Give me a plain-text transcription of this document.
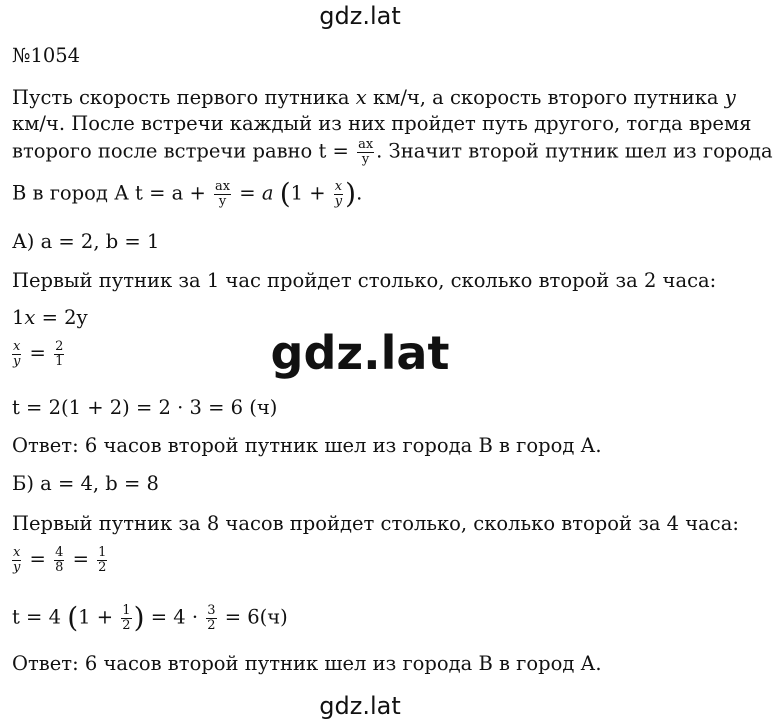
gdz.lat
№1054
Пусть скорость первого путника x км/ч, а скорость второго путника y
км/ч. После встречи каждый из них пройдет путь другого, тогда время
второго после встречи равно $t = \frac{ax}{y}$ . Значит второй путник шел из города
В в город А $t = a + \frac{ax}{y} = a$ ($1 + \frac{x}{y}$ ).
А) a = 2, b = 1
Первый путник за 1 час пройдет столько, сколько второй за 2 часа:
1x = 2y
$\frac{x}{y} = \frac{2}{1}$	gdz.lat
t = 2(1 + 2) = 2 · 3 = 6 (ч)
Ответ: 6 часов второй путник шел из города В в город А.
Б) a = 4, b = 8
Первый путник за 8 часов пройдет столько, сколько второй за 4 часа:
$\frac{x}{y} = \frac{4}{8} = \frac{1}{2}$
t = 4 ($1 + \frac{1}{2}$ ) = $4 \cdot \frac{3}{2} = 6(ч)$
Ответ: 6 часов второй путник шел из города В в город А.
gdz.lat
